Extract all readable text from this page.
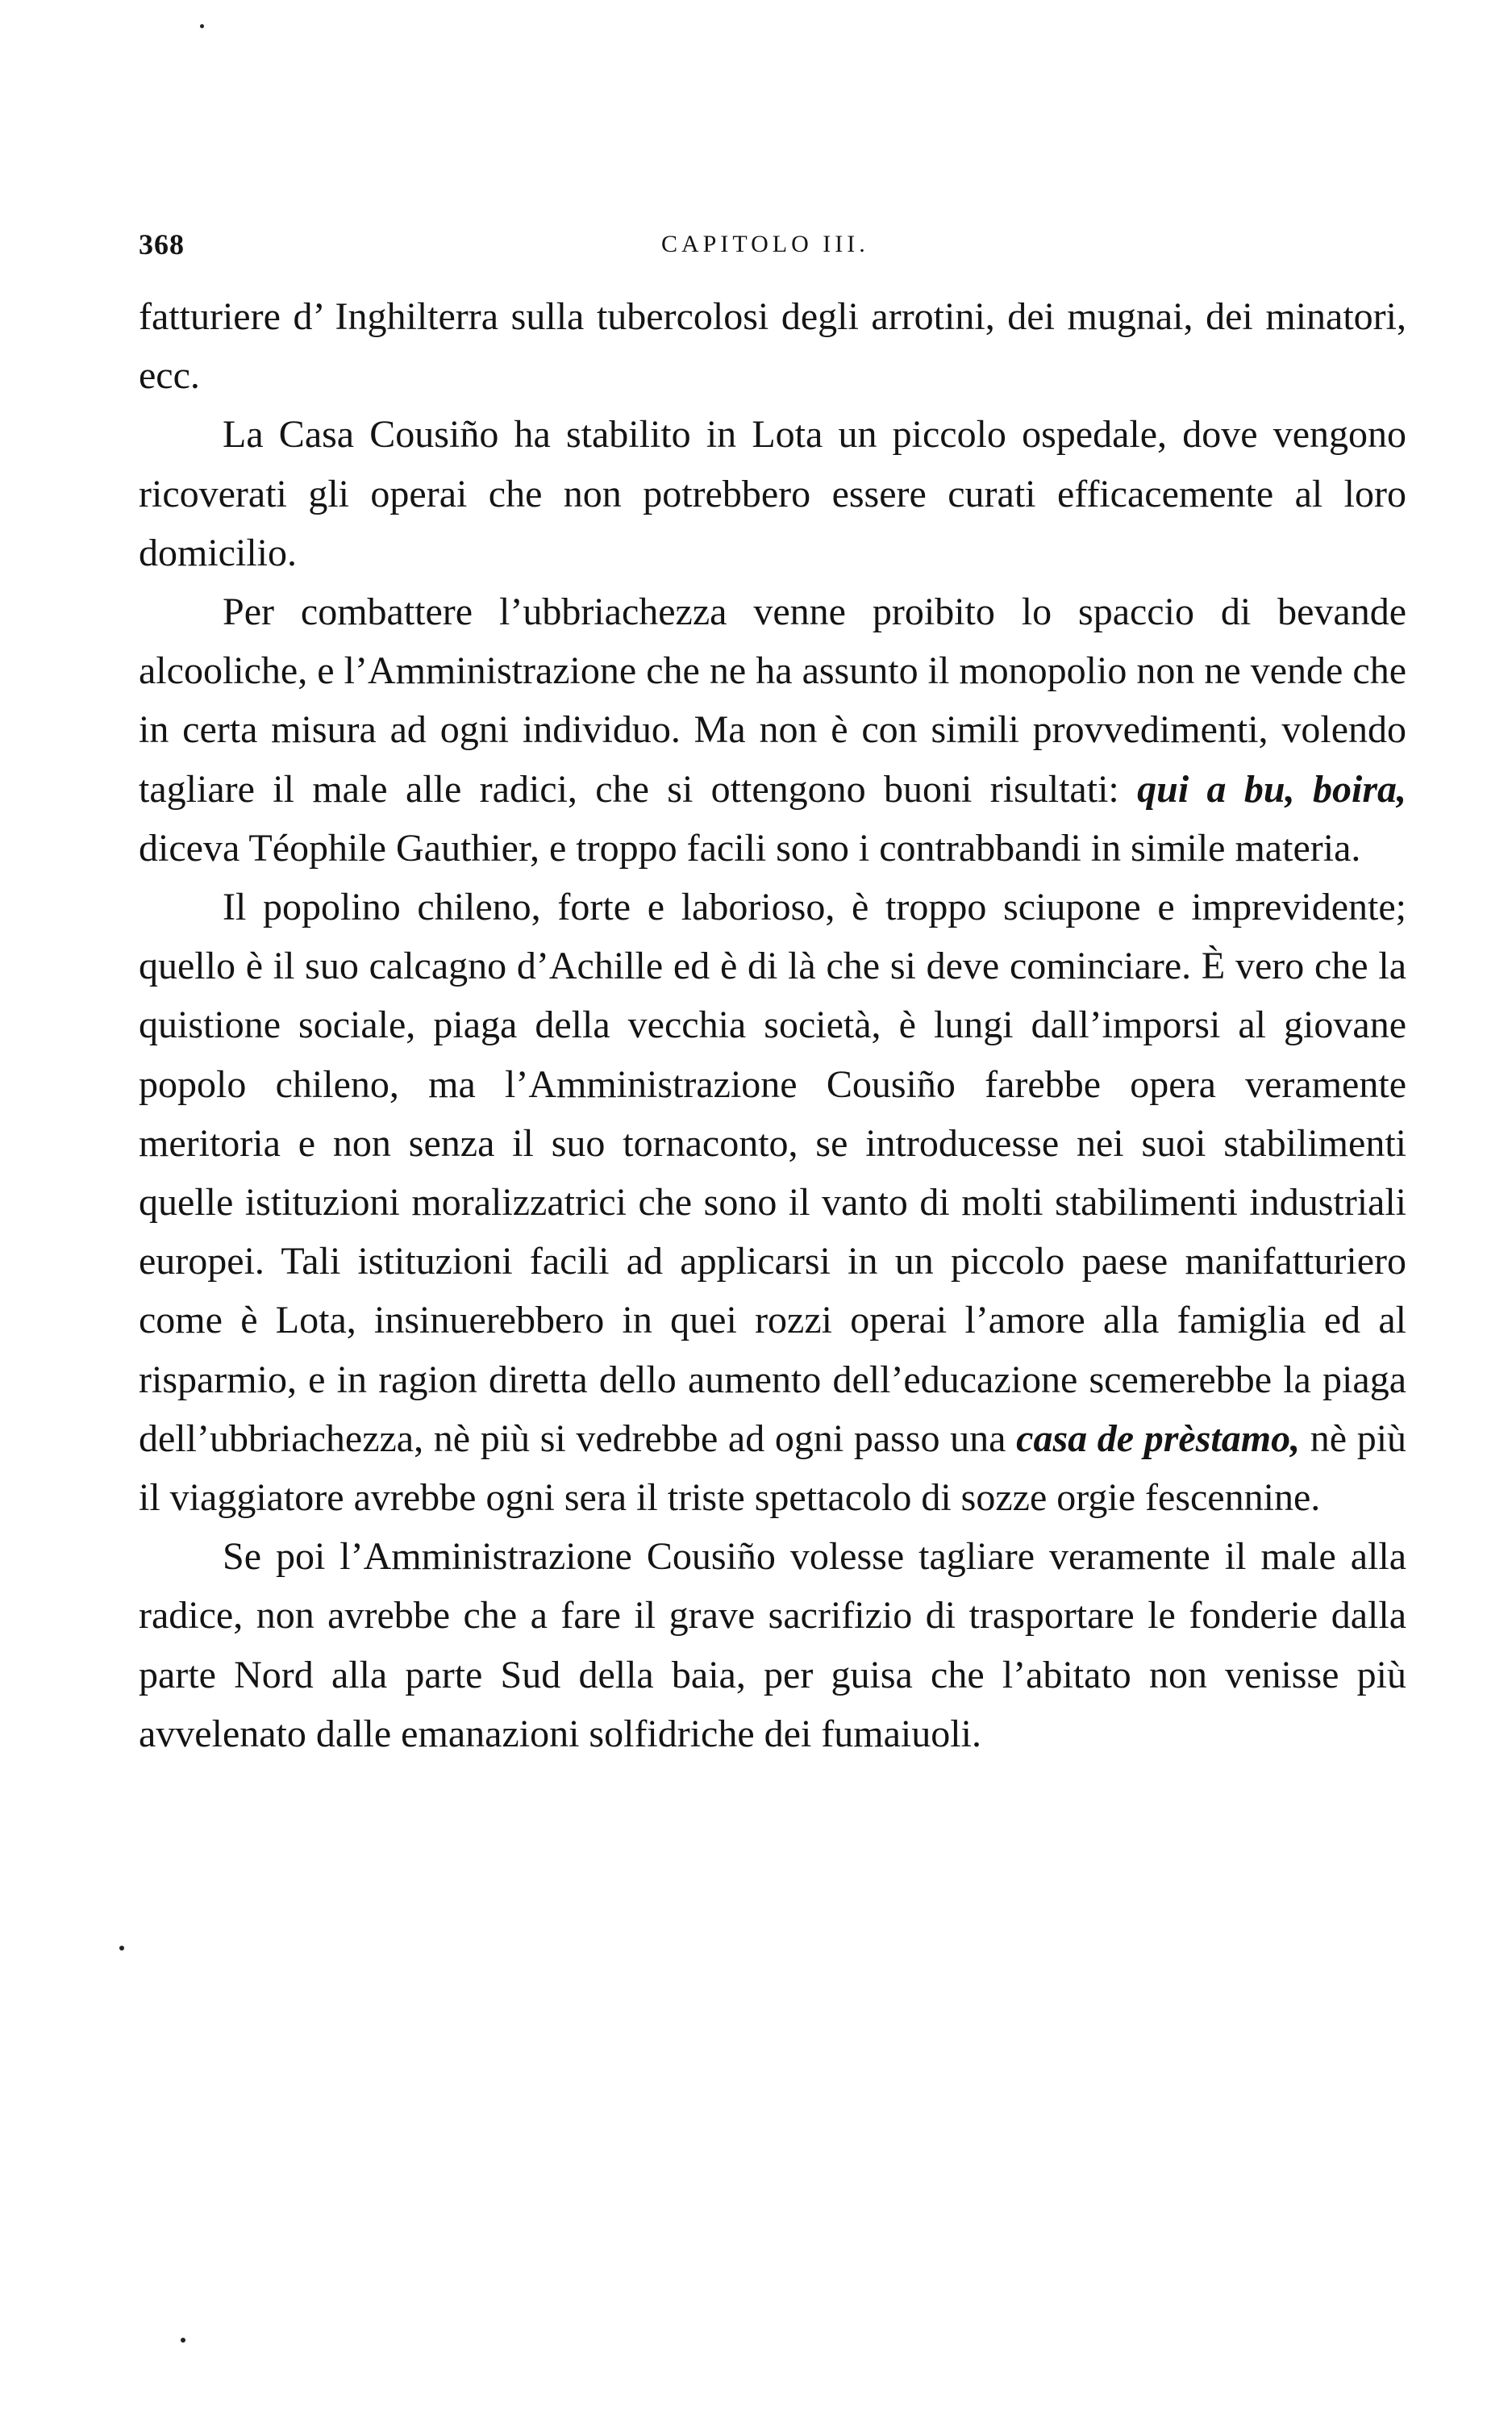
368	CAPITOLO III.

fatturiere d’ Inghilterra sulla tubercolosi degli arrotini, dei mugnai, dei minatori, ecc.

La Casa Cousiño ha stabilito in Lota un piccolo ospedale, dove vengono ricoverati gli operai che non potrebbero essere curati efficacemente al loro domicilio.

Per combattere l’ubbriachezza venne proibito lo spaccio di bevande alcooliche, e l’Amministrazione che ne ha assunto il monopolio non ne vende che in certa misura ad ogni individuo. Ma non è con simili provvedimenti, volendo tagliare il male alle radici, che si ottengono buoni risultati: qui a bu, boira, diceva Téophile Gauthier, e troppo facili sono i contrabbandi in simile materia.

Il popolino chileno, forte e laborioso, è troppo sciupone e imprevidente; quello è il suo calcagno d’Achille ed è di là che si deve cominciare. È vero che la quistione sociale, piaga della vecchia società, è lungi dall’imporsi al giovane popolo chileno, ma l’Amministrazione Cousiño farebbe opera veramente meritoria e non senza il suo tornaconto, se introducesse nei suoi stabilimenti quelle istituzioni moralizzatrici che sono il vanto di molti stabilimenti industriali europei. Tali istituzioni facili ad applicarsi in un piccolo paese manifatturiero come è Lota, insinuerebbero in quei rozzi operai l’amore alla famiglia ed al risparmio, e in ragion diretta dello aumento dell’educazione scemerebbe la piaga dell’ubbriachezza, nè più si vedrebbe ad ogni passo una casa de prèstamo, nè più il viaggiatore avrebbe ogni sera il triste spettacolo di sozze orgie fescennine.

Se poi l’Amministrazione Cousiño volesse tagliare veramente il male alla radice, non avrebbe che a fare il grave sacrifizio di trasportare le fonderie dalla parte Nord alla parte Sud della baia, per guisa che l’abitato non venisse più avvelenato dalle emanazioni solfidriche dei fumaiuoli.
